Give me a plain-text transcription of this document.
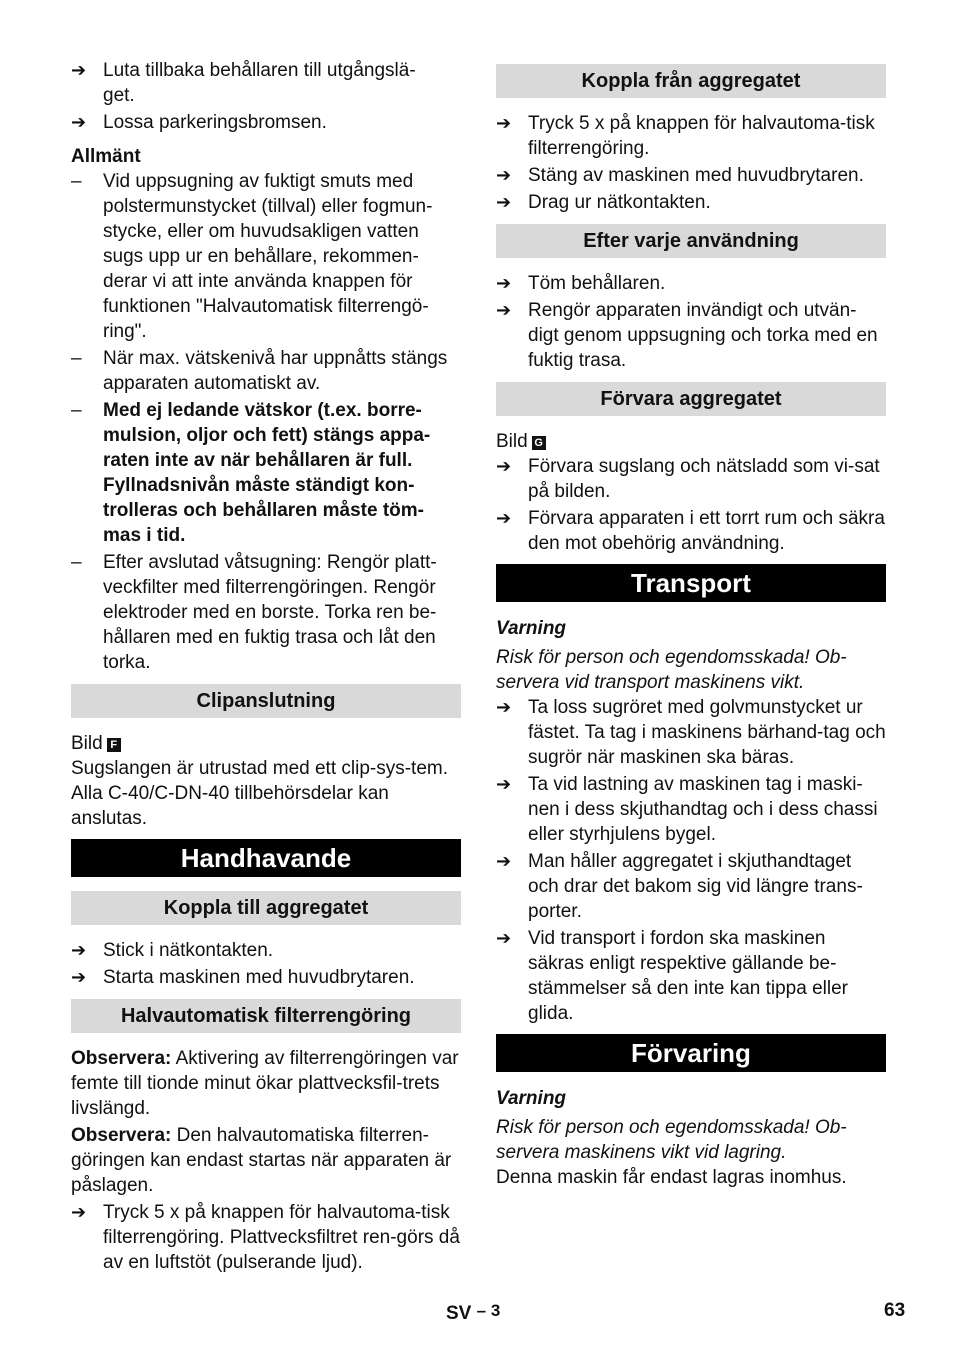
➔ Luta tillbaka behållaren till utgångslä-
get.
➔ Lossa parkeringsbromsen.

Allmänt

– Vid uppsugning av fuktigt smuts med polstermunstycket (tillval) eller fogmun-stycke, eller om huvudsakligen vatten sugs upp ur en behållare, rekommen-derar vi att inte använda knappen för funktionen "Halvautomatisk filterrengö-ring".
– När max. vätskenivå har uppnåtts stängs apparaten automatiskt av.
– Med ej ledande vätskor (t.ex. borre-mulsion, oljor och fett) stängs appa-raten inte av när behållaren är full. Fyllnadsnivån måste ständigt kon-trolleras och behållaren måste töm-mas i tid.
– Efter avslutad våtsugning: Rengör platt-veckfilter med filterrengöringen. Rengör elektroder med en borste. Torka ren be-hållaren med en fuktig trasa och låt den torka.
Clipanslutning

Bild F

Sugslangen är utrustad med ett clip-sys-tem. Alla C-40/C-DN-40 tillbehörsdelar kan anslutas.

Handhavande
Koppla till aggregatet
➔ Stick i nätkontakten.
➔ Starta maskinen med huvudbrytaren.
Halvautomatisk filterrengöring

Observera: Aktivering av filterrengöringen var femte till tionde minut ökar plattvecksfil-trets livslängd.

Observera: Den halvautomatiska filterren-göringen kan endast startas när apparaten är påslagen.

➔ Tryck 5 x på knappen för halvautoma-tisk filterrengöring. Plattvecksfiltret ren-görs då av en luftstöt (pulserande ljud).
Koppla från aggregatet
➔ Tryck 5 x på knappen för halvautoma-tisk filterrengöring.
➔ Stäng av maskinen med huvudbrytaren.
➔ Drag ur nätkontakten.
Efter varje användning
➔ Töm behållaren.
➔ Rengör apparaten invändigt och utvän-digt genom uppsugning och torka med en fuktig trasa.
Förvara aggregatet

Bild G

➔ Förvara sugslang och nätsladd som vi-sat på bilden.
➔ Förvara apparaten i ett torrt rum och säkra den mot obehörig användning.
Transport

Varning

Risk för person och egendomsskada! Ob-servera vid transport maskinens vikt.

➔ Ta loss sugröret med golvmunstycket ur fästet. Ta tag i maskinens bärhand-tag och sugrör när maskinen ska bäras.
➔ Ta vid lastning av maskinen tag i maski-nen i dess skjuthandtag och i dess chassi eller styrhjulens bygel.
➔ Man håller aggregatet i skjuthandtaget och drar det bakom sig vid längre trans-porter.
➔ Vid transport i fordon ska maskinen säkras enligt respektive gällande be-stämmelser så den inte kan tippa eller glida.
Förvaring

Varning

Risk för person och egendomsskada! Ob-servera maskinens vikt vid lagring.

Denna maskin får endast lagras inomhus.

SV – 3	63
